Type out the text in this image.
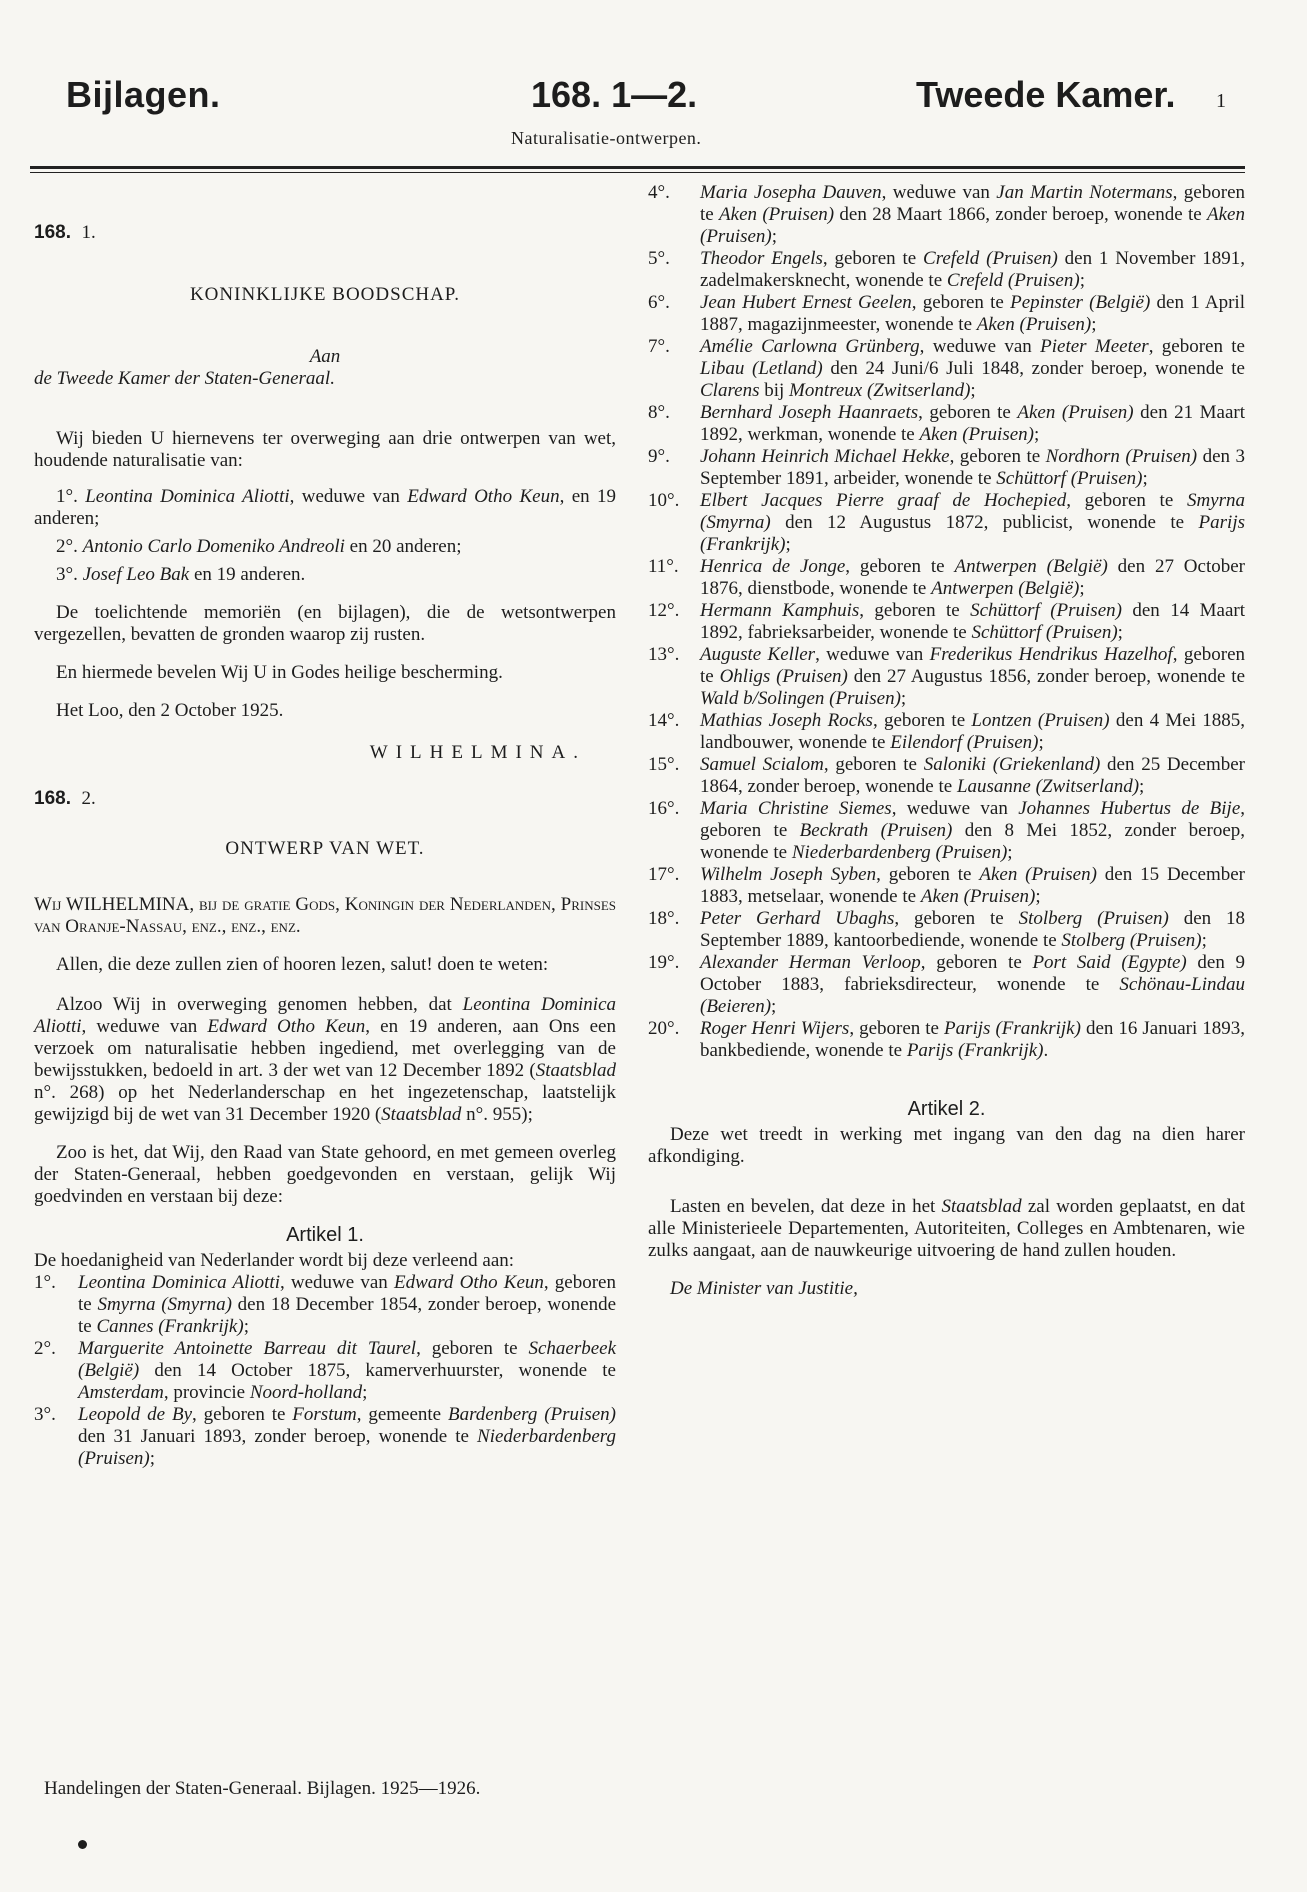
Bijlagen.	168. 1—2.	Tweede Kamer. 1
Naturalisatie-ontwerpen.

168. 1.

KONINKLIJKE BOODSCHAP.

Aan

de Tweede Kamer der Staten-Generaal.

Wij bieden U hiernevens ter overweging aan drie ontwerpen van wet, houdende naturalisatie van:

1°. Leontina Dominica Aliotti, weduwe van Edward Otho Keun, en 19 anderen;

2°. Antonio Carlo Domeniko Andreoli en 20 anderen;

3°. Josef Leo Bak en 19 anderen.

De toelichtende memoriën (en bijlagen), die de wetsontwerpen vergezellen, bevatten de gronden waarop zij rusten.

En hiermede bevelen Wij U in Godes heilige bescherming.

Het Loo, den 2 October 1925.

WILHELMINA.

168. 2.

ONTWERP VAN WET.

Wij WILHELMINA, bij de gratie Gods, Koningin der Nederlanden, Prinses van Oranje-Nassau, enz., enz., enz.

Allen, die deze zullen zien of hooren lezen, salut! doen te weten:

Alzoo Wij in overweging genomen hebben, dat Leontina Dominica Aliotti, weduwe van Edward Otho Keun, en 19 anderen, aan Ons een verzoek om naturalisatie hebben ingediend, met overlegging van de bewijsstukken, bedoeld in art. 3 der wet van 12 December 1892 (Staatsblad n°. 268) op het Nederlanderschap en het ingezetenschap, laatstelijk gewijzigd bij de wet van 31 December 1920 (Staatsblad n°. 955);

Zoo is het, dat Wij, den Raad van State gehoord, en met gemeen overleg der Staten-Generaal, hebben goedgevonden en verstaan, gelijk Wij goedvinden en verstaan bij deze:

Artikel 1.

De hoedanigheid van Nederlander wordt bij deze verleend aan:

1°.	Leontina Dominica Aliotti, weduwe van Edward Otho Keun, geboren te Smyrna (Smyrna) den 18 December 1854, zonder beroep, wonende te Cannes (Frankrijk);
2°.	Marguerite Antoinette Barreau dit Taurel, geboren te Schaerbeek (België) den 14 October 1875, kamerverhuurster, wonende te Amsterdam, provincie Noord-holland;
3°.	Leopold de By, geboren te Forstum, gemeente Bardenberg (Pruisen) den 31 Januari 1893, zonder beroep, wonende te Niederbardenberg (Pruisen);
4°.	Maria Josepha Dauven, weduwe van Jan Martin Notermans, geboren te Aken (Pruisen) den 28 Maart 1866, zonder beroep, wonende te Aken (Pruisen);
5°.	Theodor Engels, geboren te Crefeld (Pruisen) den 1 November 1891, zadelmakersknecht, wonende te Crefeld (Pruisen);
6°.	Jean Hubert Ernest Geelen, geboren te Pepinster (België) den 1 April 1887, magazijnmeester, wonende te Aken (Pruisen);
7°.	Amélie Carlowna Grünberg, weduwe van Pieter Meeter, geboren te Libau (Letland) den 24 Juni/6 Juli 1848, zonder beroep, wonende te Clarens bij Montreux (Zwitserland);
8°.	Bernhard Joseph Haanraets, geboren te Aken (Pruisen) den 21 Maart 1892, werkman, wonende te Aken (Pruisen);
9°.	Johann Heinrich Michael Hekke, geboren te Nordhorn (Pruisen) den 3 September 1891, arbeider, wonende te Schüttorf (Pruisen);
10°.	Elbert Jacques Pierre graaf de Hochepied, geboren te Smyrna (Smyrna) den 12 Augustus 1872, publicist, wonende te Parijs (Frankrijk);
11°.	Henrica de Jonge, geboren te Antwerpen (België) den 27 October 1876, dienstbode, wonende te Antwerpen (België);
12°.	Hermann Kamphuis, geboren te Schüttorf (Pruisen) den 14 Maart 1892, fabrieksarbeider, wonende te Schüttorf (Pruisen);
13°.	Auguste Keller, weduwe van Frederikus Hendrikus Hazelhof, geboren te Ohligs (Pruisen) den 27 Augustus 1856, zonder beroep, wonende te Wald b/Solingen (Pruisen);
14°.	Mathias Joseph Rocks, geboren te Lontzen (Pruisen) den 4 Mei 1885, landbouwer, wonende te Eilendorf (Pruisen);
15°.	Samuel Scialom, geboren te Saloniki (Griekenland) den 25 December 1864, zonder beroep, wonende te Lausanne (Zwitserland);
16°.	Maria Christine Siemes, weduwe van Johannes Hubertus de Bije, geboren te Beckrath (Pruisen) den 8 Mei 1852, zonder beroep, wonende te Niederbardenberg (Pruisen);
17°.	Wilhelm Joseph Syben, geboren te Aken (Pruisen) den 15 December 1883, metselaar, wonende te Aken (Pruisen);
18°.	Peter Gerhard Ubaghs, geboren te Stolberg (Pruisen) den 18 September 1889, kantoorbediende, wonende te Stolberg (Pruisen);
19°.	Alexander Herman Verloop, geboren te Port Said (Egypte) den 9 October 1883, fabrieksdirecteur, wonende te Schönau-Lindau (Beieren);
20°.	Roger Henri Wijers, geboren te Parijs (Frankrijk) den 16 Januari 1893, bankbediende, wonende te Parijs (Frankrijk).

Artikel 2.

Deze wet treedt in werking met ingang van den dag na dien harer afkondiging.

Lasten en bevelen, dat deze in het Staatsblad zal worden geplaatst, en dat alle Ministerieele Departementen, Autoriteiten, Colleges en Ambtenaren, wie zulks aangaat, aan de nauwkeurige uitvoering de hand zullen houden.

De Minister van Justitie,

Handelingen der Staten-Generaal. Bijlagen. 1925—1926.
